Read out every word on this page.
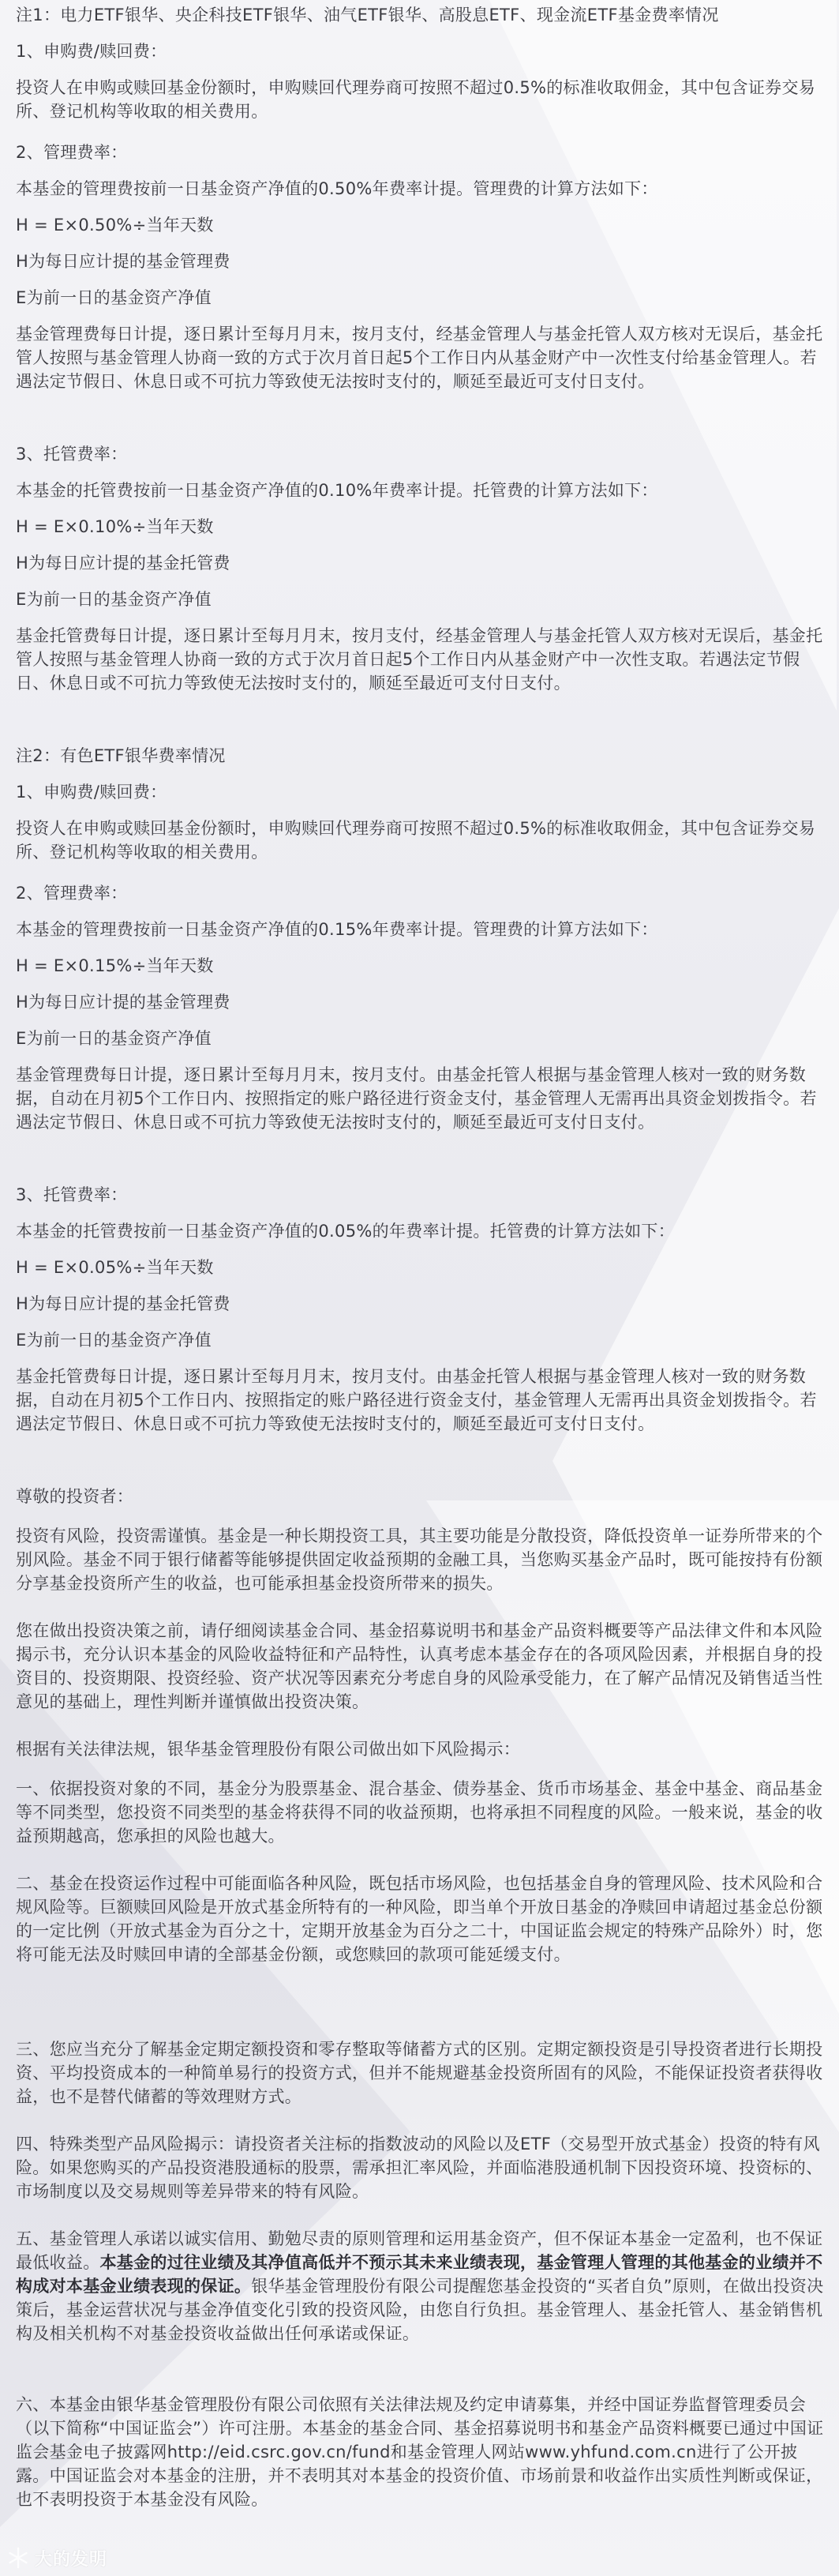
注1：电力ETF银华、央企科技ETF银华、油气ETF银华、高股息ETF、现金流ETF基金费率情况

1、申购费/赎回费：

投资人在申购或赎回基金份额时，申购赎回代理券商可按照不超过0.5%的标准收取佣金，其中包含证券交易所、登记机构等收取的相关费用。

2、管理费率：

本基金的管理费按前一日基金资产净值的0.50%年费率计提。管理费的计算方法如下：

H = E×0.50%÷当年天数

H为每日应计提的基金管理费

E为前一日的基金资产净值

基金管理费每日计提，逐日累计至每月月末，按月支付，经基金管理人与基金托管人双方核对无误后，基金托管人按照与基金管理人协商一致的方式于次月首日起5个工作日内从基金财产中一次性支付给基金管理人。若遇法定节假日、休息日或不可抗力等致使无法按时支付的，顺延至最近可支付日支付。

3、托管费率：

本基金的托管费按前一日基金资产净值的0.10%年费率计提。托管费的计算方法如下：

H = E×0.10%÷当年天数

H为每日应计提的基金托管费

E为前一日的基金资产净值

基金托管费每日计提，逐日累计至每月月末，按月支付，经基金管理人与基金托管人双方核对无误后，基金托管人按照与基金管理人协商一致的方式于次月首日起5个工作日内从基金财产中一次性支取。若遇法定节假日、休息日或不可抗力等致使无法按时支付的，顺延至最近可支付日支付。

注2：有色ETF银华费率情况

1、申购费/赎回费：

投资人在申购或赎回基金份额时，申购赎回代理券商可按照不超过0.5%的标准收取佣金，其中包含证券交易所、登记机构等收取的相关费用。

2、管理费率：

本基金的管理费按前一日基金资产净值的0.15%年费率计提。管理费的计算方法如下：

H = E×0.15%÷当年天数

H为每日应计提的基金管理费

E为前一日的基金资产净值

基金管理费每日计提，逐日累计至每月月末，按月支付。由基金托管人根据与基金管理人核对一致的财务数据，自动在月初5个工作日内、按照指定的账户路径进行资金支付，基金管理人无需再出具资金划拨指令。若遇法定节假日、休息日或不可抗力等致使无法按时支付的，顺延至最近可支付日支付。

3、托管费率：

本基金的托管费按前一日基金资产净值的0.05%的年费率计提。托管费的计算方法如下：

H = E×0.05%÷当年天数

H为每日应计提的基金托管费

E为前一日的基金资产净值

基金托管费每日计提，逐日累计至每月月末，按月支付。由基金托管人根据与基金管理人核对一致的财务数据，自动在月初5个工作日内、按照指定的账户路径进行资金支付，基金管理人无需再出具资金划拨指令。若遇法定节假日、休息日或不可抗力等致使无法按时支付的，顺延至最近可支付日支付。

尊敬的投资者：

投资有风险，投资需谨慎。基金是一种长期投资工具，其主要功能是分散投资，降低投资单一证券所带来的个别风险。基金不同于银行储蓄等能够提供固定收益预期的金融工具，当您购买基金产品时，既可能按持有份额分享基金投资所产生的收益，也可能承担基金投资所带来的损失。

您在做出投资决策之前，请仔细阅读基金合同、基金招募说明书和基金产品资料概要等产品法律文件和本风险揭示书，充分认识本基金的风险收益特征和产品特性，认真考虑本基金存在的各项风险因素，并根据自身的投资目的、投资期限、投资经验、资产状况等因素充分考虑自身的风险承受能力，在了解产品情况及销售适当性意见的基础上，理性判断并谨慎做出投资决策。

根据有关法律法规，银华基金管理股份有限公司做出如下风险揭示：

一、依据投资对象的不同，基金分为股票基金、混合基金、债券基金、货币市场基金、基金中基金、商品基金等不同类型，您投资不同类型的基金将获得不同的收益预期，也将承担不同程度的风险。一般来说，基金的收益预期越高，您承担的风险也越大。

二、基金在投资运作过程中可能面临各种风险，既包括市场风险，也包括基金自身的管理风险、技术风险和合规风险等。巨额赎回风险是开放式基金所特有的一种风险，即当单个开放日基金的净赎回申请超过基金总份额的一定比例（开放式基金为百分之十，定期开放基金为百分之二十，中国证监会规定的特殊产品除外）时，您将可能无法及时赎回申请的全部基金份额，或您赎回的款项可能延缓支付。

三、您应当充分了解基金定期定额投资和零存整取等储蓄方式的区别。定期定额投资是引导投资者进行长期投资、平均投资成本的一种简单易行的投资方式，但并不能规避基金投资所固有的风险，不能保证投资者获得收益，也不是替代储蓄的等效理财方式。

四、特殊类型产品风险揭示：请投资者关注标的指数波动的风险以及ETF（交易型开放式基金）投资的特有风险。如果您购买的产品投资港股通标的股票，需承担汇率风险，并面临港股通机制下因投资环境、投资标的、市场制度以及交易规则等差异带来的特有风险。

五、基金管理人承诺以诚实信用、勤勉尽责的原则管理和运用基金资产，但不保证本基金一定盈利，也不保证最低收益。本基金的过往业绩及其净值高低并不预示其未来业绩表现，基金管理人管理的其他基金的业绩并不构成对本基金业绩表现的保证。银华基金管理股份有限公司提醒您基金投资的“买者自负”原则，在做出投资决策后，基金运营状况与基金净值变化引致的投资风险，由您自行负担。基金管理人、基金托管人、基金销售机构及相关机构不对基金投资收益做出任何承诺或保证。

六、本基金由银华基金管理股份有限公司依照有关法律法规及约定申请募集，并经中国证券监督管理委员会（以下简称“中国证监会”）许可注册。本基金的基金合同、基金招募说明书和基金产品资料概要已通过中国证监会基金电子披露网http://eid.csrc.gov.cn/fund和基金管理人网站www.yhfund.com.cn进行了公开披露。中国证监会对本基金的注册，并不表明其对本基金的投资价值、市场前景和收益作出实质性判断或保证，也不表明投资于本基金没有风险。

大的发明
